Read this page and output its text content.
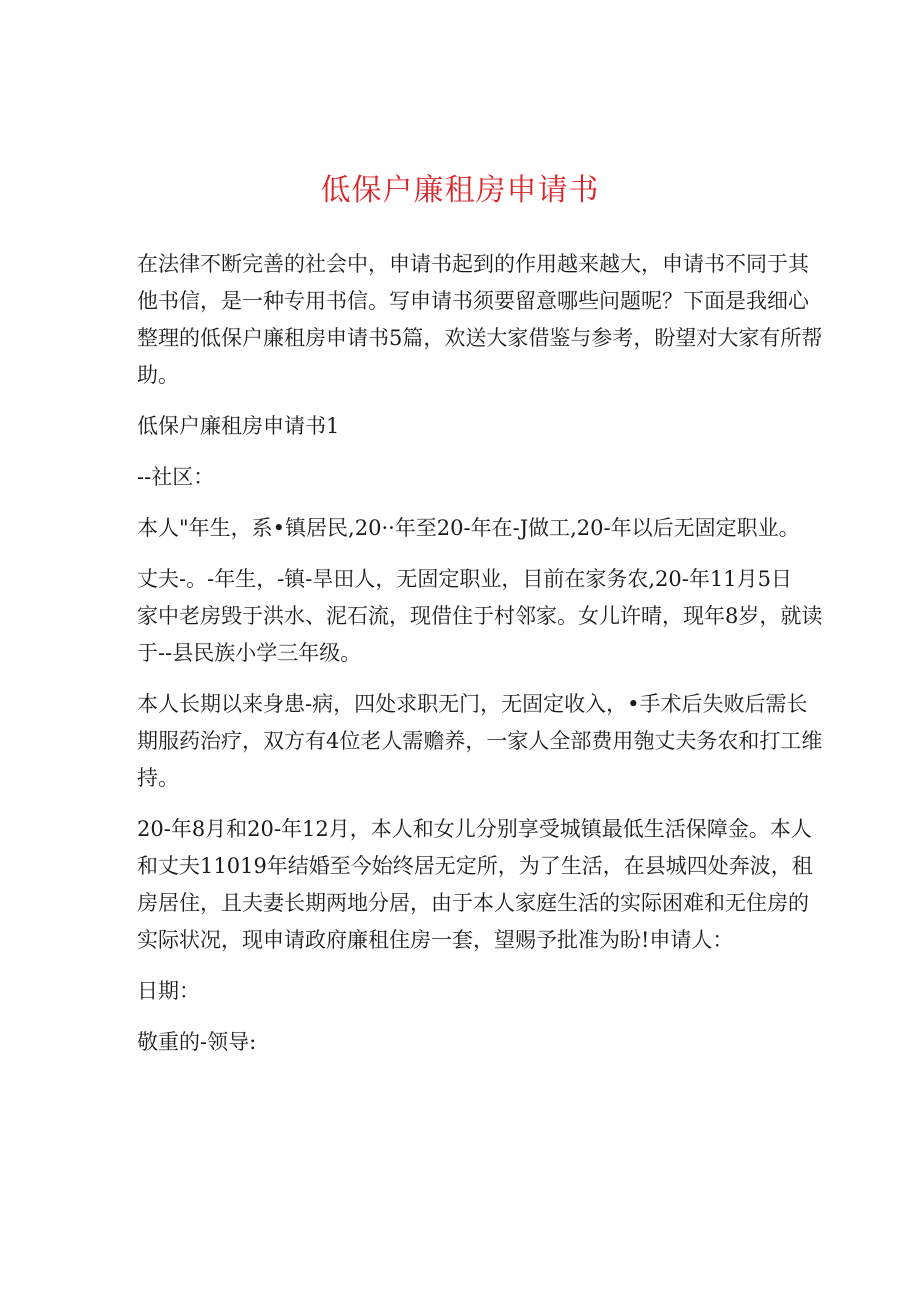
低保户廉租房申请书
在法律不断完善的社会中，申请书起到的作用越来越大，申请书不同于其
他书信，是一种专用书信。写申请书须要留意哪些问题呢？下面是我细心
整理的低保户廉租房申请书5篇，欢送大家借鉴与参考，盼望对大家有所帮
助。
低保户廉租房申请书1
--社区：
本人"年生，系•镇居民,20··年至20-年在-J做工,20-年以后无固定职业。
丈夫-。-年生，-镇-旱田人，无固定职业，目前在家务农,20-年11月5日
家中老房毁于洪水、泥石流，现借住于村邻家。女儿许晴，现年8岁，就读
于--县民族小学三年级。
本人长期以来身患-病，四处求职无门，无固定收入，•手术后失败后需长
期服药治疗，双方有4位老人需赡养，一家人全部费用匏丈夫务农和打工维
持。
20-年8月和20-年12月，本人和女儿分别享受城镇最低生活保障金。本人
和丈夫11019年结婚至今始终居无定所，为了生活，在县城四处奔波，租
房居住，且夫妻长期两地分居，由于本人家庭生活的实际困难和无住房的
实际状况，现申请政府廉租住房一套，望赐予批准为盼!申请人：
日期：
敬重的-领导:
